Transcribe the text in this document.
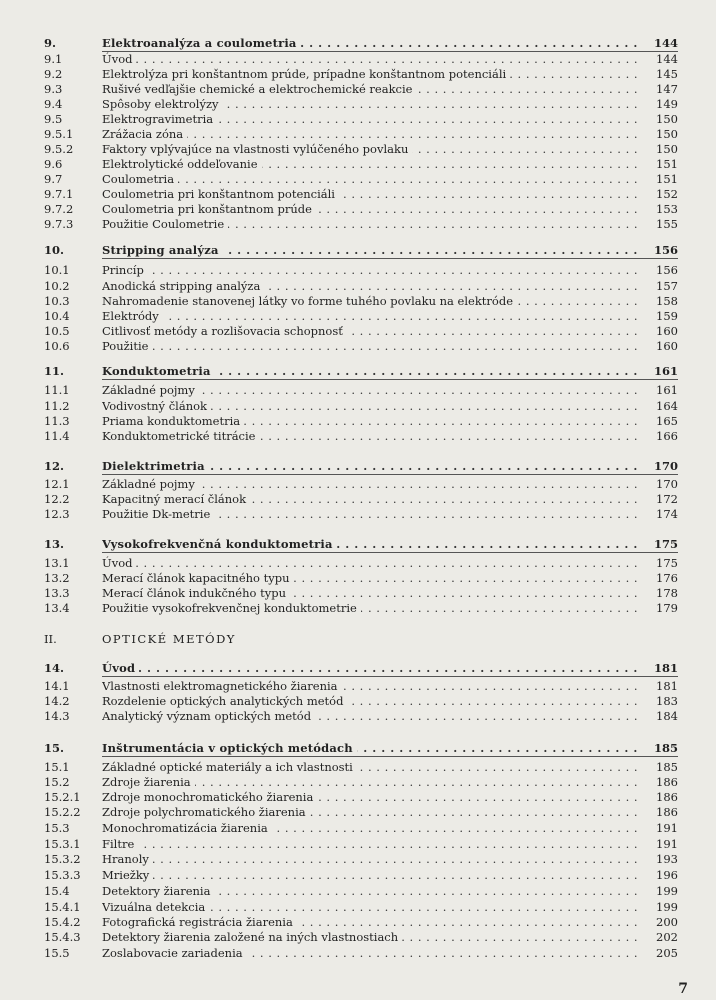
9.	Elektroanalýza a coulometria . . .	144
9.1	Úvod . . .	144
9.2	Elektrolýza pri konštantnom prúde, prípadne konštantnom potenciáli . . .	145
9.3	Rušivé vedľajšie chemické a elektrochemické reakcie . . .	147
9.4	Spôsoby elektrolýzy . . .	149
9.5	Elektrogravimetria . . .	150
9.5.1	Zrážacia zóna . . .	150
9.5.2	Faktory vplývajúce na vlastnosti vylúčeného povlaku . . .	150
9.6	Elektrolytické oddeľovanie . . .	151
9.7	Coulometria . . .	151
9.7.1	Coulometria pri konštantnom potenciáli . . .	152
9.7.2	Coulometria pri konštantnom prúde . . .	153
9.7.3	Použitie Coulometrie . . .	155
10.	Stripping analýza . . .	156
10.1	Princíp . . .	156
10.2	Anodická stripping analýza . . .	157
10.3	Nahromadenie stanovenej látky vo forme tuhého povlaku na elektróde . . .	158
10.4	Elektródy . . .	159
10.5	Citlivosť metódy a rozlišovacia schopnosť . . .	160
10.6	Použitie . . .	160
11.	Konduktometria . . .	161
11.1	Základné pojmy . . .	161
11.2	Vodivostný článok . . .	164
11.3	Priama konduktometria . . .	165
11.4	Konduktometrické titrácie . . .	166
12.	Dielektrimetria . . .	170
12.1	Základné pojmy . . .	170
12.2	Kapacitný merací článok . . .	172
12.3	Použitie Dk-metrie . . .	174
13.	Vysokofrekvenčná konduktometria . . .	175
13.1	Úvod . . .	175
13.2	Merací článok kapacitného typu . . .	176
13.3	Merací článok indukčného typu . . .	178
13.4	Použitie vysokofrekvenčnej konduktometrie . . .	179
II.	OPTICKÉ METÓDY
14.	Úvod . . .	181
14.1	Vlastnosti elektromagnetického žiarenia . . .	181
14.2	Rozdelenie optických analytických metód . . .	183
14.3	Analytický význam optických metód . . .	184
15.	Inštrumentácia v optických metódach . . .	185
15.1	Základné optické materiály a ich vlastnosti . . .	185
15.2	Zdroje žiarenia . . .	186
15.2.1	Zdroje monochromatického žiarenia . . .	186
15.2.2	Zdroje polychromatického žiarenia . . .	186
15.3	Monochromatizácia žiarenia . . .	191
15.3.1	Filtre . . .	191
15.3.2	Hranoly . . .	193
15.3.3	Mriežky . . .	196
15.4	Detektory žiarenia . . .	199
15.4.1	Vizuálna detekcia . . .	199
15.4.2	Fotografická registrácia žiarenia . . .	200
15.4.3	Detektory žiarenia založené na iných vlastnostiach . . .	202
15.5	Zoslabovacie zariadenia . . .	205
7
